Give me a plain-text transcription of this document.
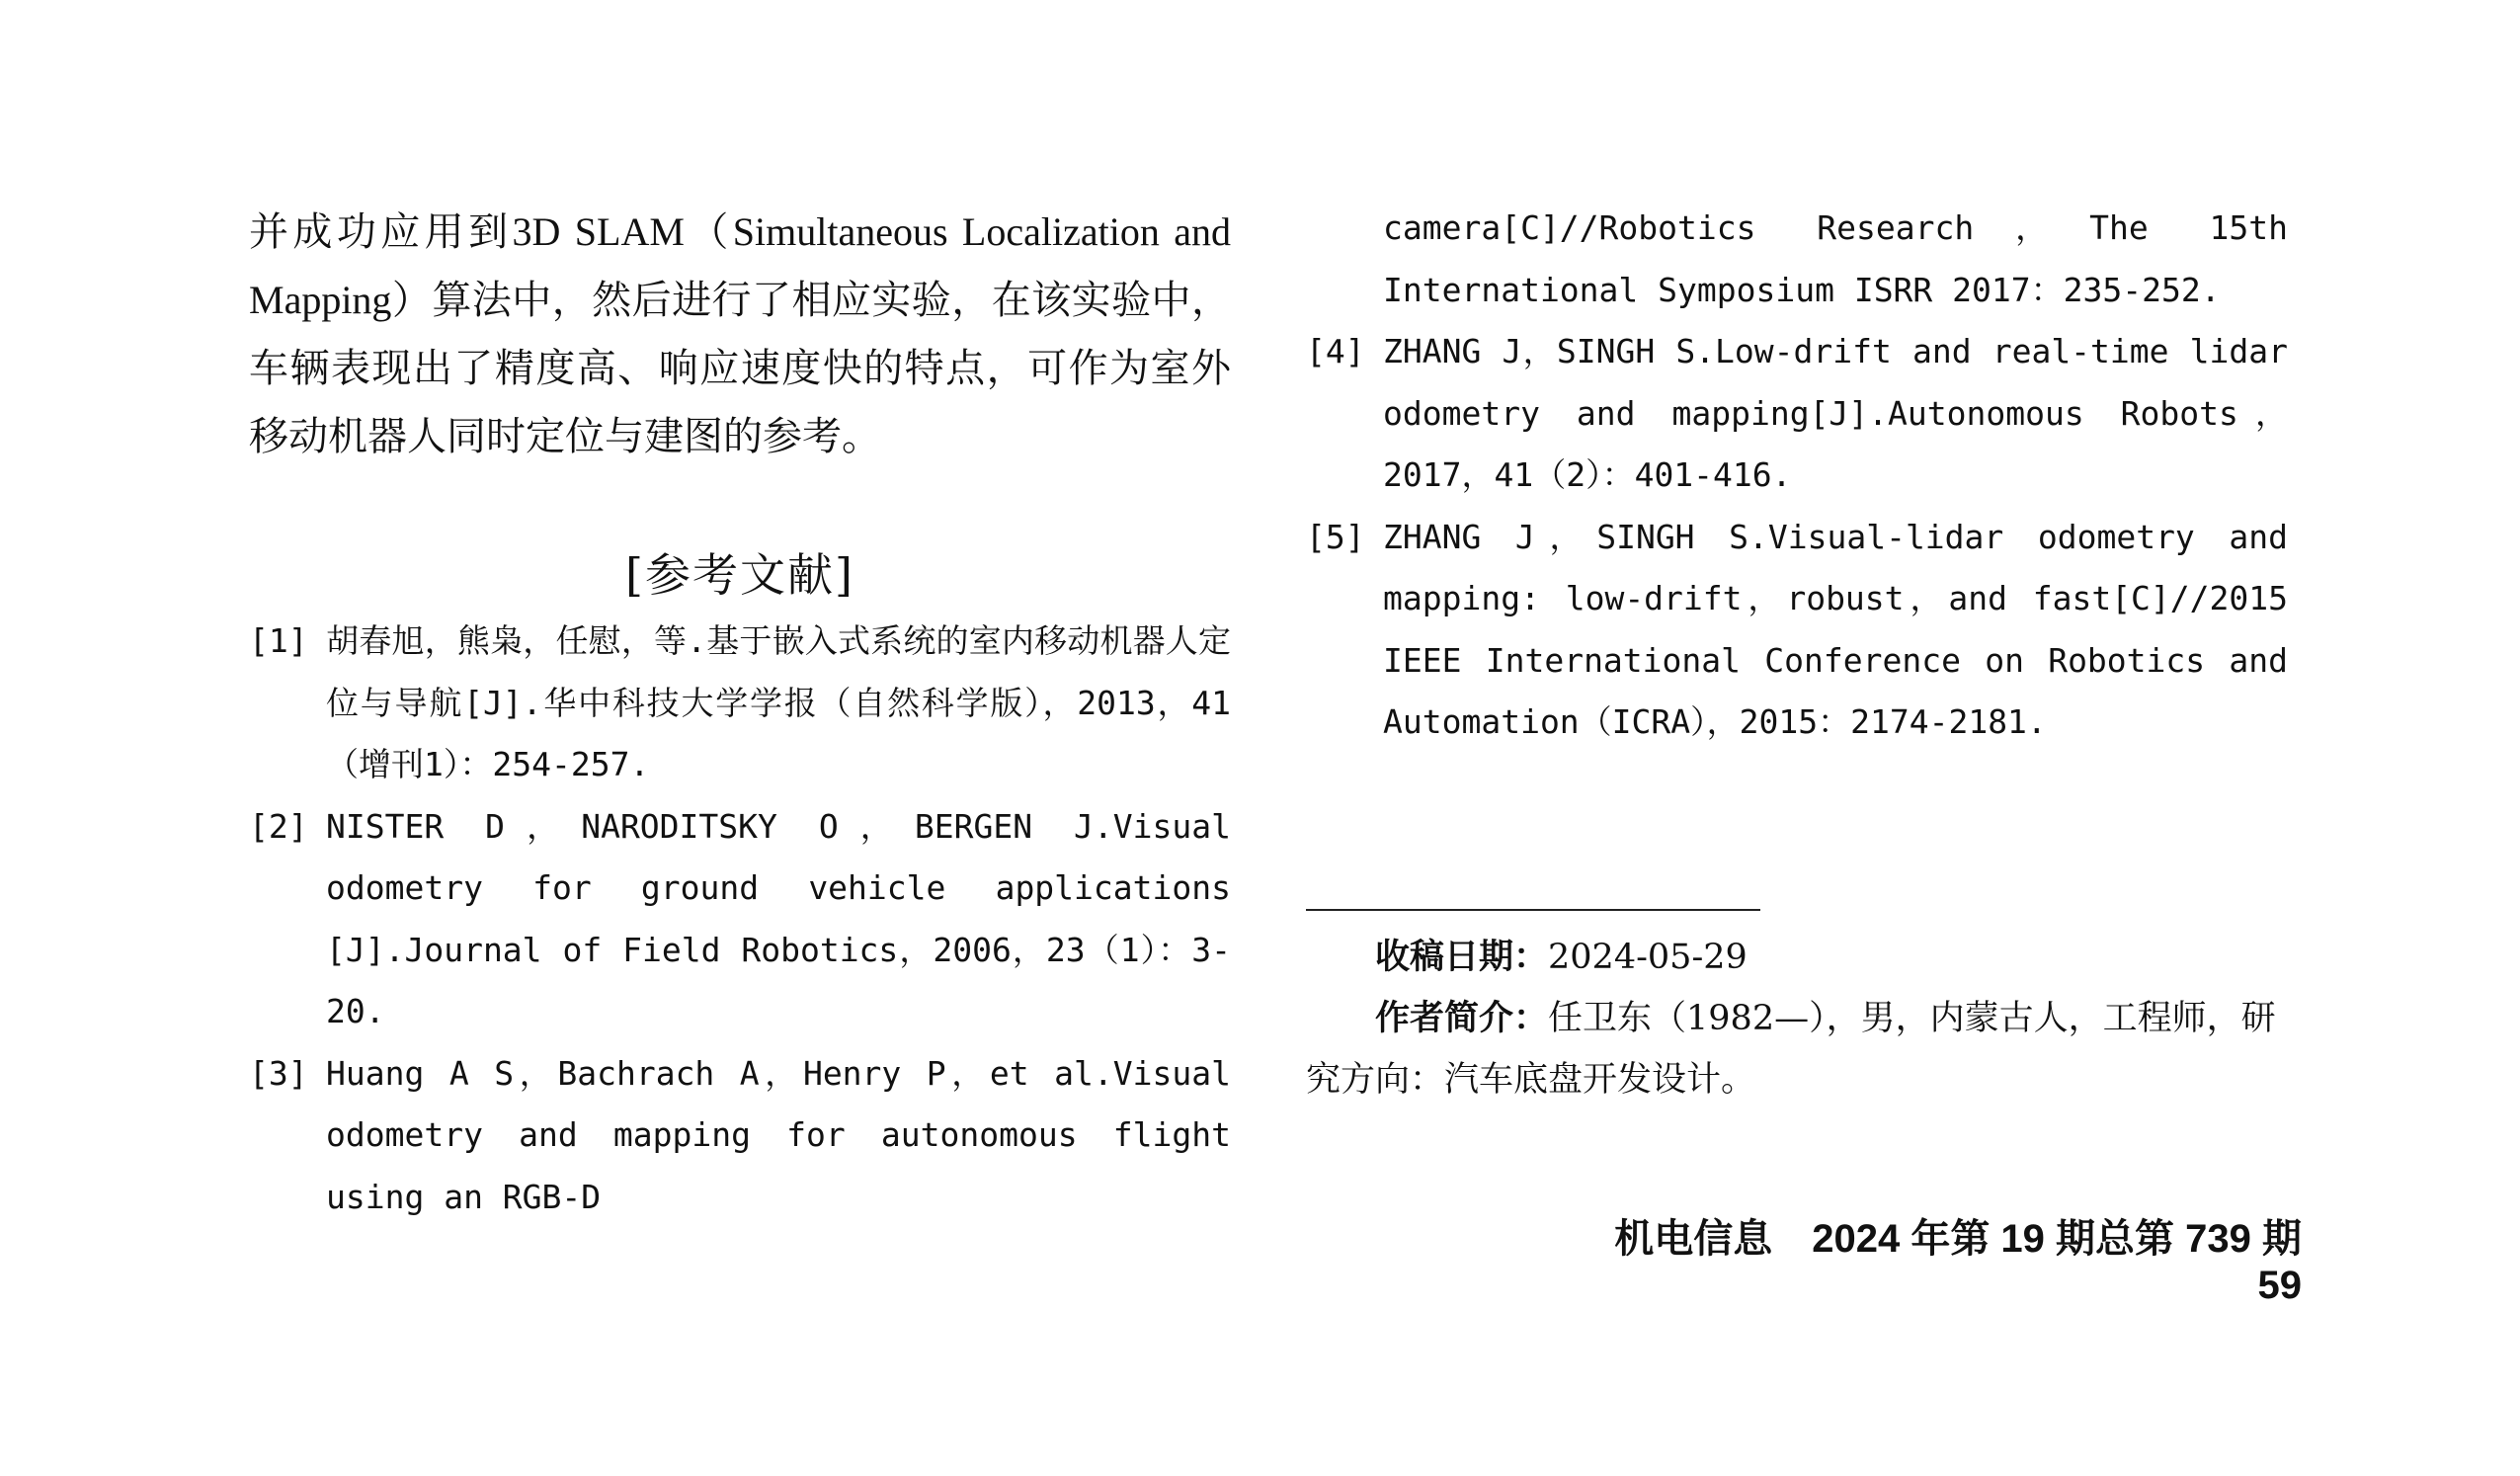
并成功应用到3D SLAM（Simultaneous Localization and Mapping）算法中，然后进行了相应实验，在该实验中，车辆表现出了精度高、响应速度快的特点，可作为室外移动机器人同时定位与建图的参考。

[参考文献]

[1] 胡春旭，熊枭，任慰，等.基于嵌入式系统的室内移动机器人定位与导航[J].华中科技大学学报（自然科学版），2013，41（增刊1）：254-257.

[2] NISTER D，NARODITSKY O，BERGEN J.Visual odometry for ground vehicle applications [J].Journal of Field Robotics，2006，23（1）：3-20.

[3] Huang A S，Bachrach A，Henry P，et al.Visual odometry and mapping for autonomous flight using an RGB-D

camera[C]//Robotics Research，The 15th International Symposium ISRR 2017：235-252.

[4] ZHANG J，SINGH S.Low-drift and real-time lidar odometry and mapping[J].Autonomous Robots，2017，41（2）：401-416.

[5] ZHANG J，SINGH S.Visual-lidar odometry and mapping: low-drift，robust，and fast[C]//2015 IEEE International Conference on Robotics and Automation（ICRA），2015：2174-2181.

收稿日期：2024-05-29

作者简介：任卫东（1982—），男，内蒙古人，工程师，研究方向：汽车底盘开发设计。

机电信息 2024 年第 19 期总第 739 期59
